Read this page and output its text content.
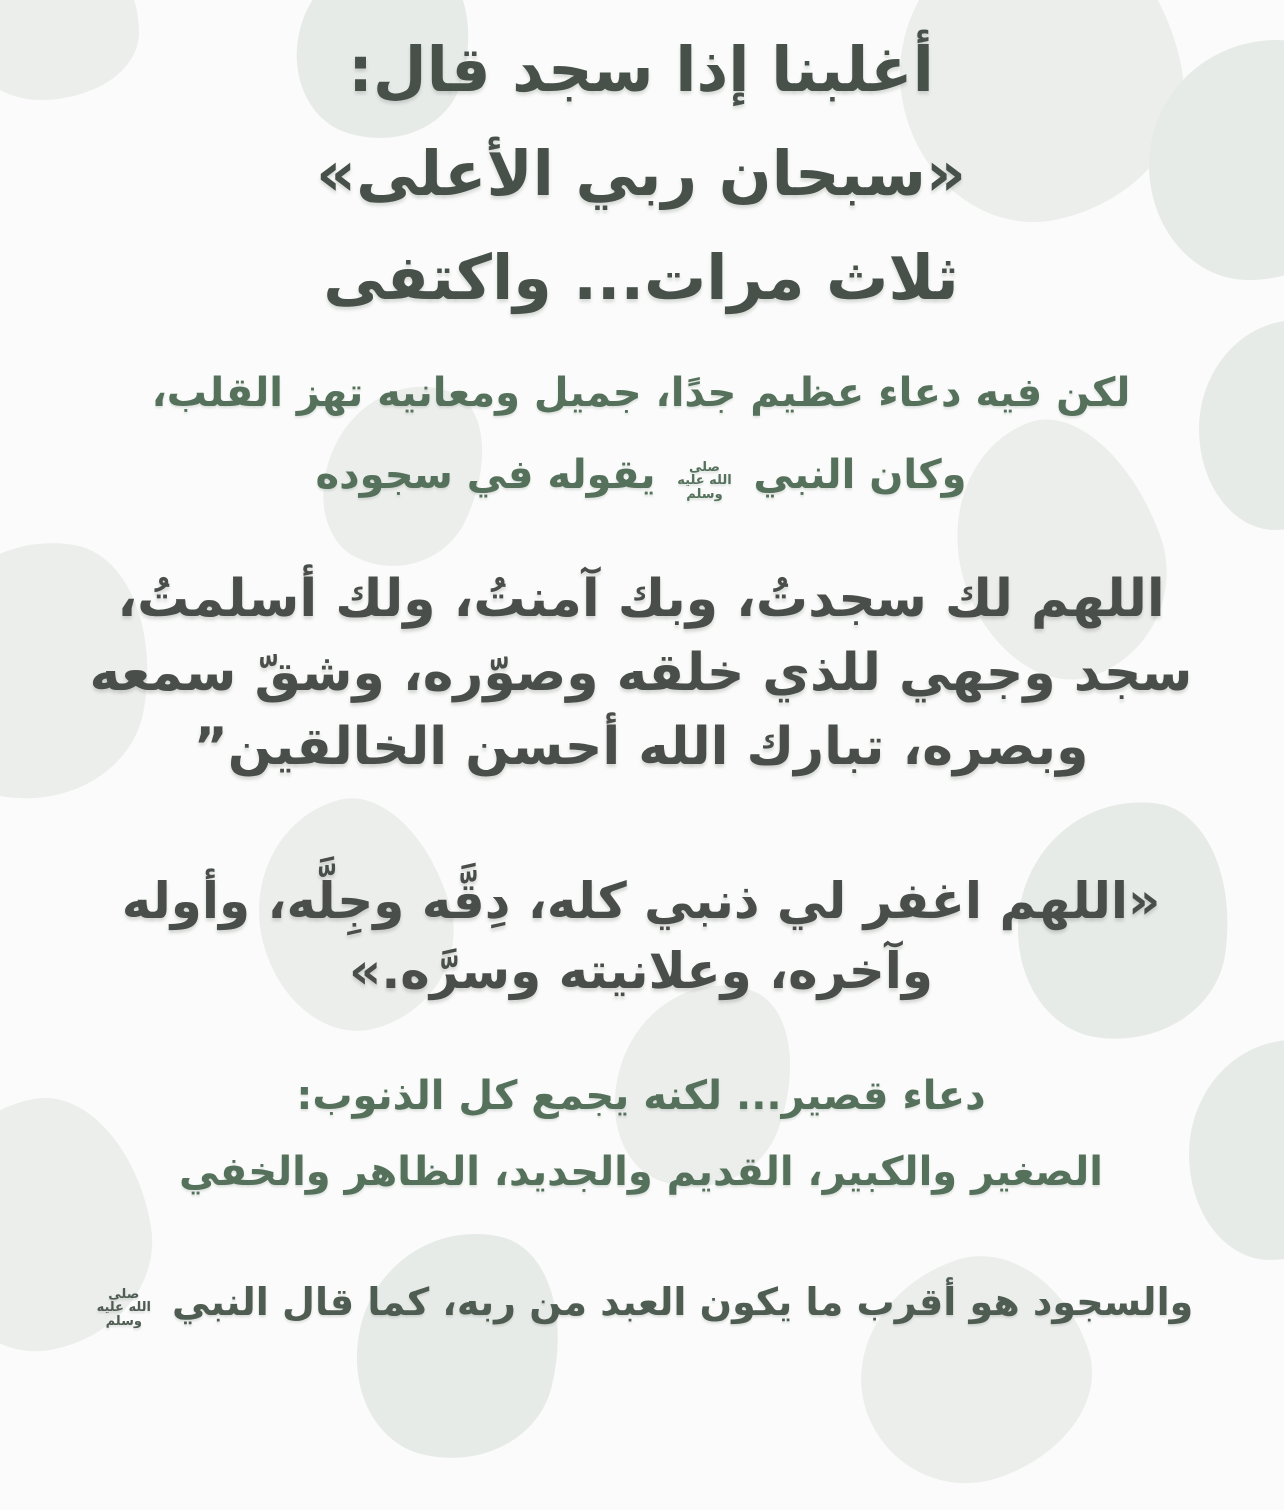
أغلبنا إذا سجد قال:
«سبحان ربي الأعلى»
ثلاث مرات... واكتفى
لكن فيه دعاء عظيم جدًا، جميل ومعانيه تهز القلب،
وكان النبي صلى الله عليه وسلم يقوله في سجوده
اللهم لك سجدتُ، وبك آمنتُ، ولك أسلمتُ،
سجد وجهي للذي خلقه وصوّره، وشقّ سمعه
وبصره، تبارك الله أحسن الخالقين”
«اللهم اغفر لي ذنبي كله، دِقَّه وجِلَّه، وأوله
وآخره، وعلانيته وسرَّه.»
دعاء قصير... لكنه يجمع كل الذنوب:
الصغير والكبير، القديم والجديد، الظاهر والخفي
والسجود هو أقرب ما يكون العبد من ربه، كما قال النبي صلى الله عليه وسلم
